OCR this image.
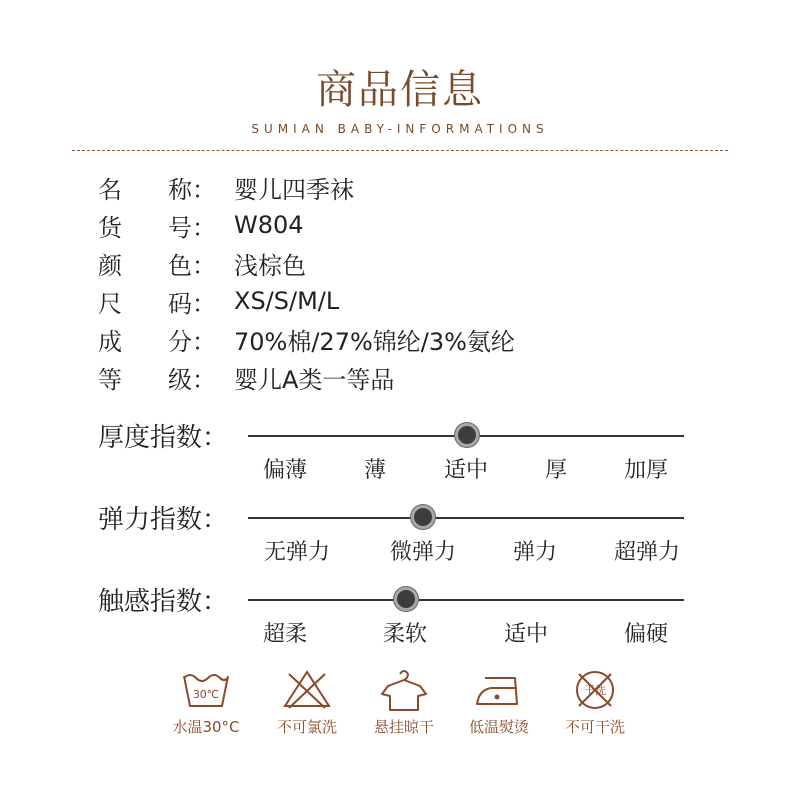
商品信息
SUMIAN BABY-INFORMATIONS
名 称： 婴儿四季袜
货 号： W804
颜 色： 浅棕色
尺 码： XS/S/M/L
成 分： 70%棉/27%锦纶/3%氨纶
等 级： 婴儿A类一等品
厚度指数：
偏薄	薄	适中	厚	加厚
弹力指数：
无弹力	微弹力	弹力	超弹力
触感指数：
超柔	柔软	适中	偏硬
30℃
水温30°C	不可氯洗	悬挂晾干	低温熨烫
干洗
不可干洗
